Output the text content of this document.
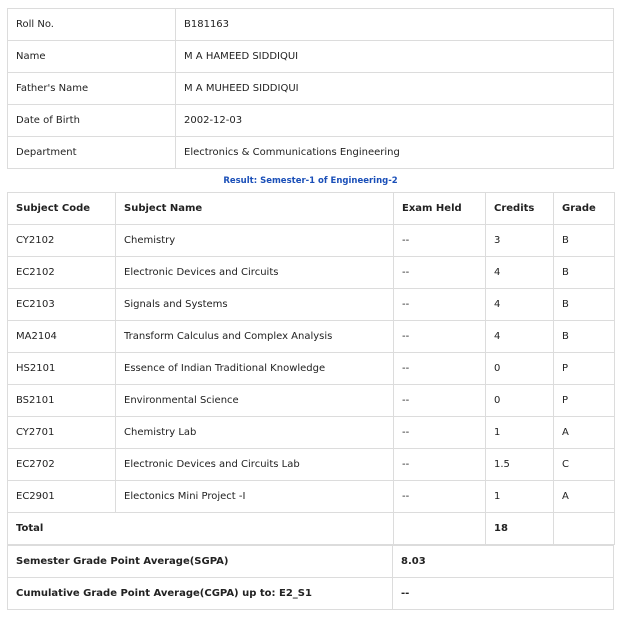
Roll No.	B181163
Name	M A HAMEED SIDDIQUI
Father's Name	M A MUHEED SIDDIQUI
Date of Birth	2002-12-03
Department	Electronics & Communications Engineering
Result: Semester-1 of Engineering-2
Subject Code	Subject Name	Exam Held	Credits	Grade
CY2102	Chemistry	--	3	B
EC2102	Electronic Devices and Circuits	--	4	B
EC2103	Signals and Systems	--	4	B
MA2104	Transform Calculus and Complex Analysis	--	4	B
HS2101	Essence of Indian Traditional Knowledge	--	0	P
BS2101	Environmental Science	--	0	P
CY2701	Chemistry Lab	--	1	A
EC2702	Electronic Devices and Circuits Lab	--	1.5	C
EC2901	Electonics Mini Project -I	--	1	A
Total			18	
Semester Grade Point Average(SGPA)	8.03
Cumulative Grade Point Average(CGPA) up to: E2_S1	--
